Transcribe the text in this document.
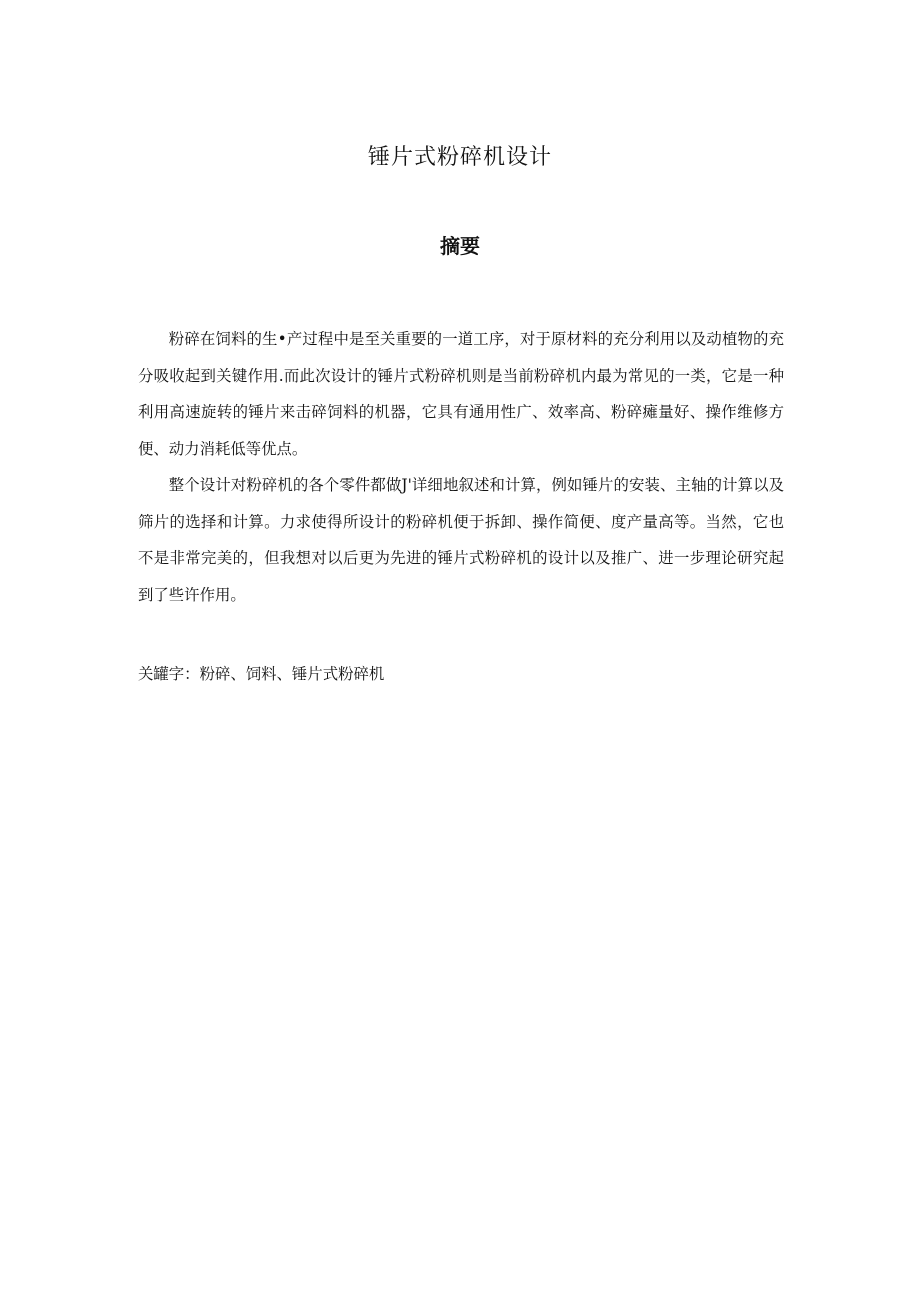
锤片式粉碎机设计
摘要

粉碎在饲料的生•产过程中是至关重要的一道工序，对于原材料的充分利用以及动植物的充分吸收起到关键作用.而此次设计的锤片式粉碎机则是当前粉碎机内最为常见的一类，它是一种利用高速旋转的锤片来击碎饲料的机器，它具有通用性广、效率高、粉碎瘫量好、操作维修方便、动力消耗低等优点。

整个设计对粉碎机的各个零件都做J'详细地叙述和计算，例如锤片的安装、主轴的计算以及筛片的选择和计算。力求使得所设计的粉碎机便于拆卸、操作简便、度产量高等。当然，它也不是非常完美的，但我想对以后更为先进的锤片式粉碎机的设计以及推广、进一步理论研究起到了些许作用。

关罐字：粉碎、饲料、锤片式粉碎机
